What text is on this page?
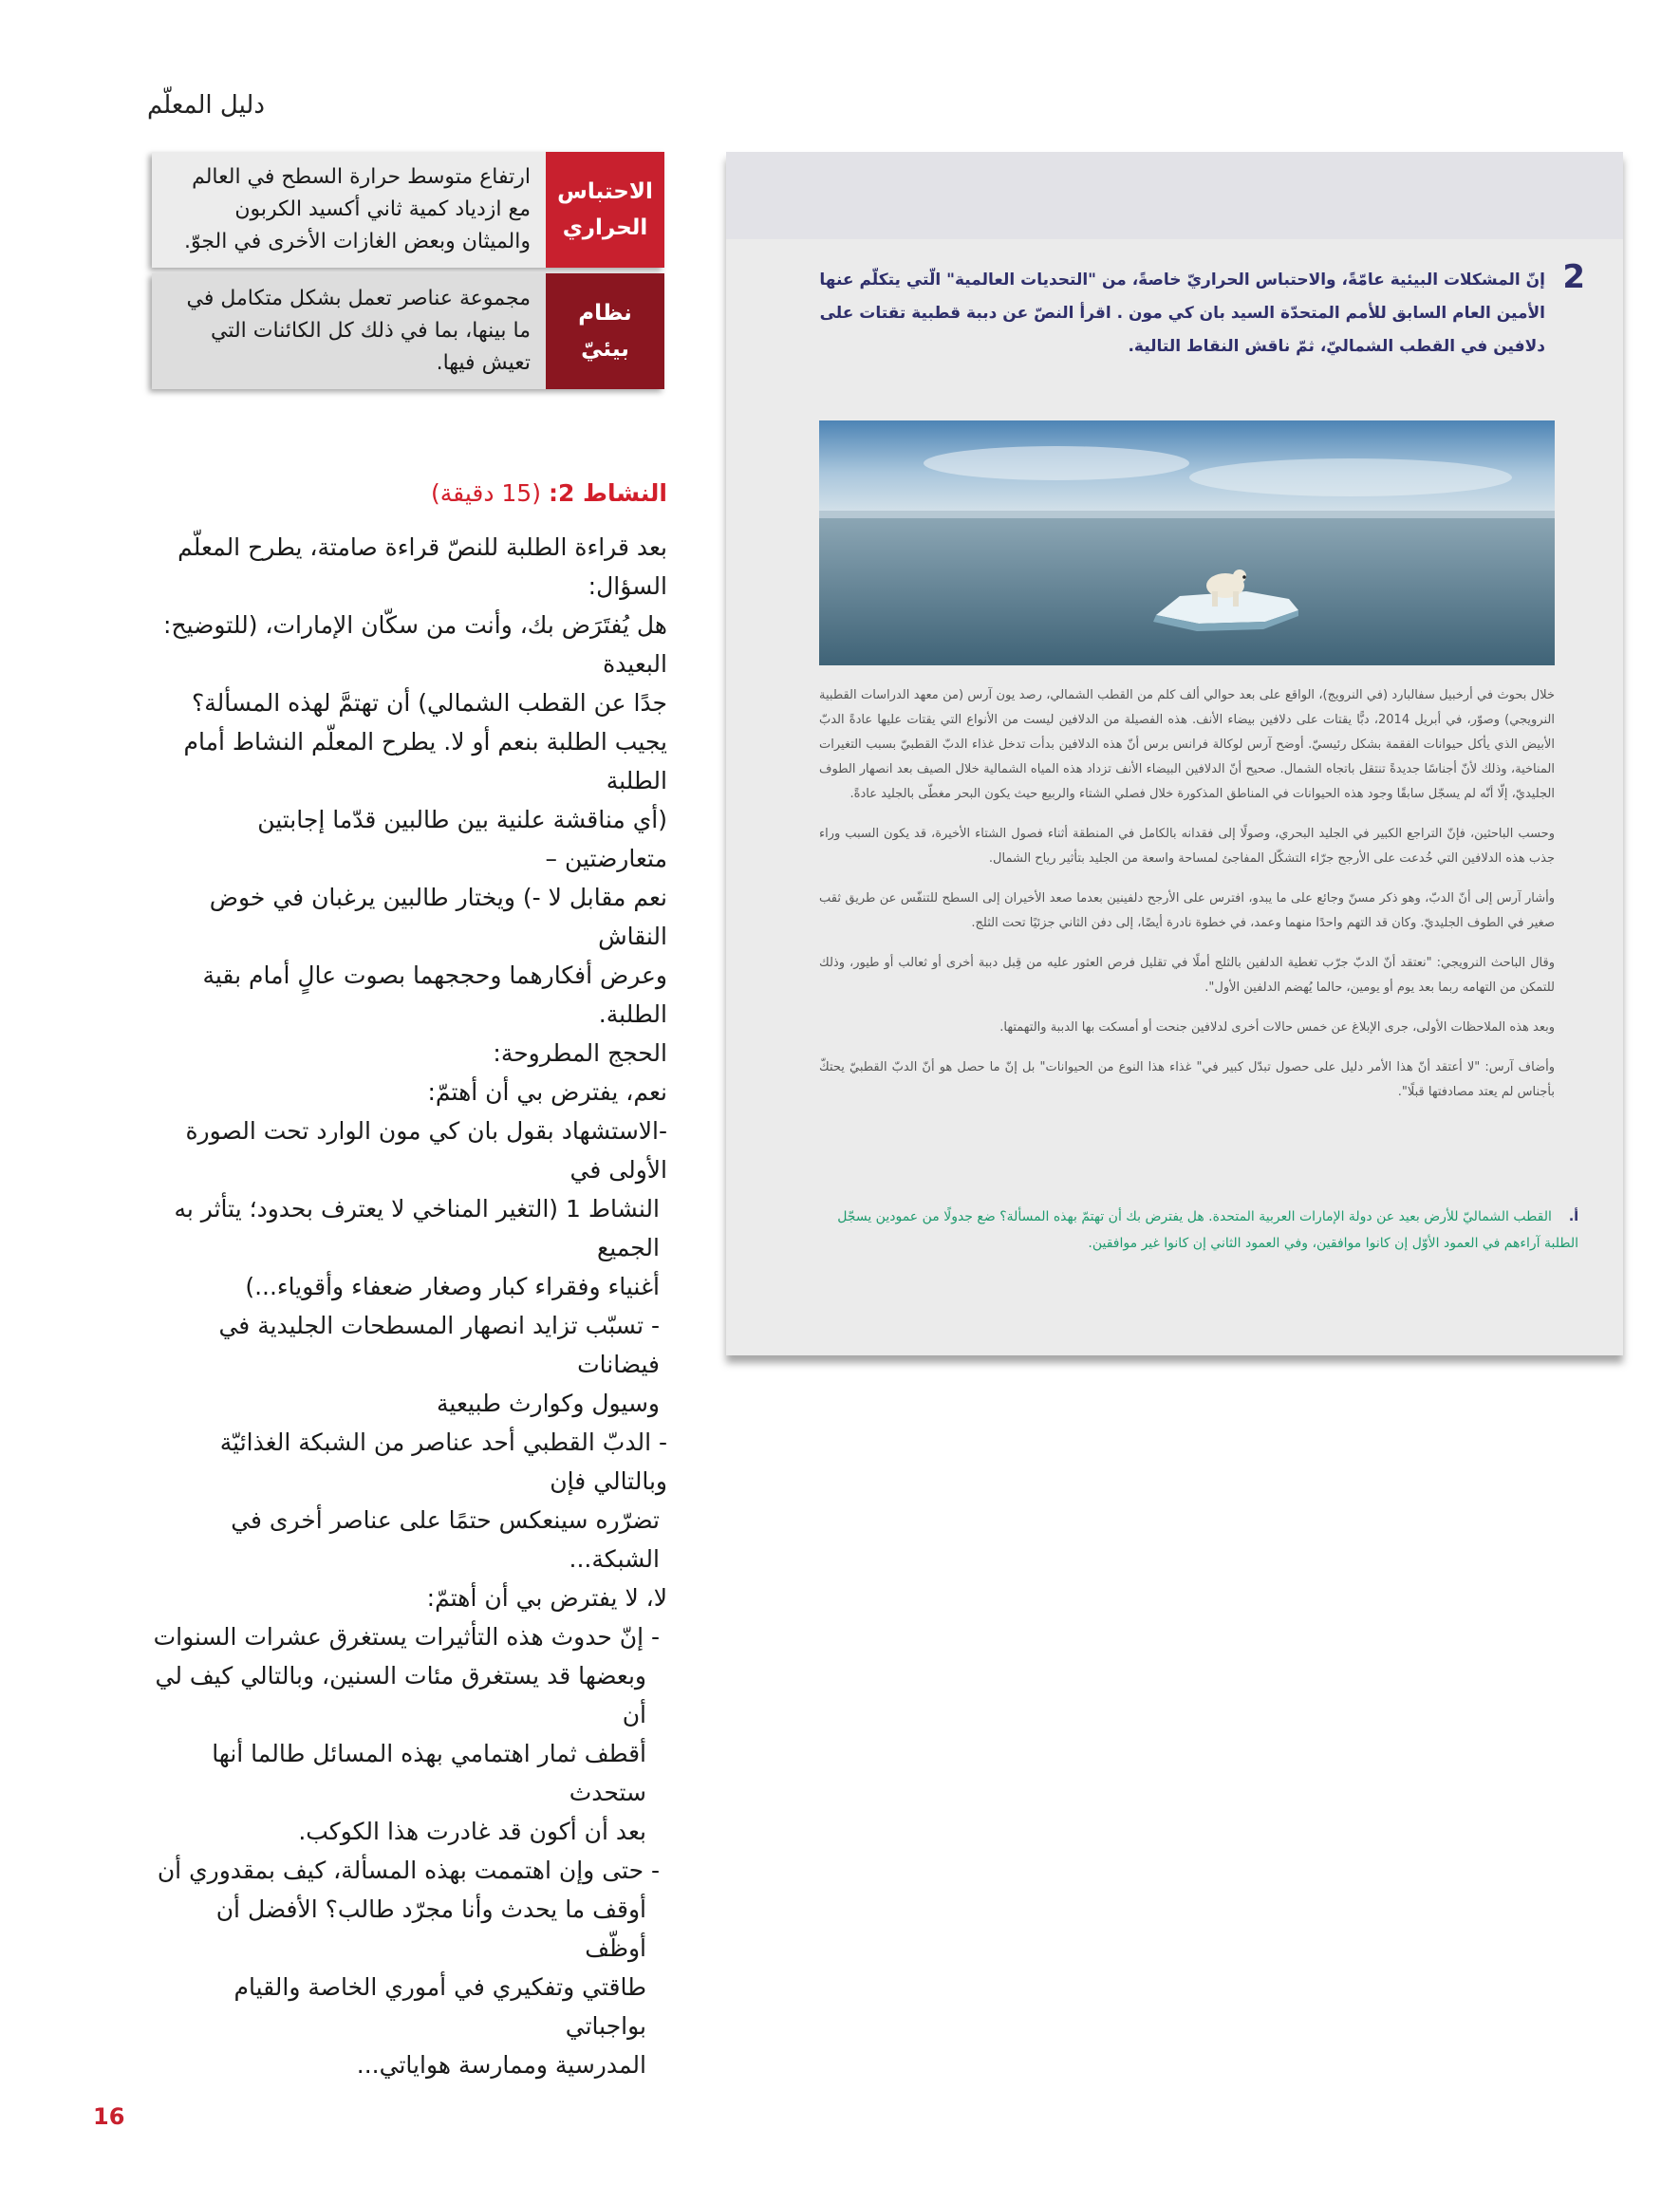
دليل المعلّم
الاحتباس الحراري
ارتفاع متوسط حرارة السطح في العالم مع ازدياد كمية ثاني أكسيد الكربون والميثان وبعض الغازات الأخرى في الجوّ.
نظام بيئيّ
مجموعة عناصر تعمل بشكل متكامل في ما بينها، بما في ذلك كل الكائنات التي تعيش فيها.
النشاط 2: (15 دقيقة)

بعد قراءة الطلبة للنصّ قراءة صامتة، يطرح المعلّم السؤال:

هل يُفتَرَض بك، وأنت من سكّان الإمارات، (للتوضيح: البعيدة

جدًا عن القطب الشمالي) أن تهتمَّ لهذه المسألة؟

يجيب الطلبة بنعم أو لا. يطرح المعلّم النشاط أمام الطلبة

(أي مناقشة علنية بين طالبين قدّما إجابتين متعارضتين –

نعم مقابل لا -) ويختار طالبين يرغبان في خوض النقاش

وعرض أفكارهما وحججهما بصوت عالٍ أمام بقية الطلبة.

الحجج المطروحة:

نعم، يفترض بي أن أهتمّ:

-الاستشهاد بقول بان كي مون الوارد تحت الصورة الأولى في

النشاط 1 (التغير المناخي لا يعترف بحدود؛ يتأثر به الجميع

أغنياء وفقراء كبار وصغار ضعفاء وأقوياء...)

- تسبّب تزايد انصهار المسطحات الجليدية في فيضانات

وسيول وكوارث طبيعية

- الدبّ القطبي أحد عناصر من الشبكة الغذائيّة وبالتالي فإن

تضرّره سينعكس حتمًا على عناصر أخرى في الشبكة...

لا، لا يفترض بي أن أهتمّ:

- إنّ حدوث هذه التأثيرات يستغرق عشرات السنوات

وبعضها قد يستغرق مئات السنين، وبالتالي كيف لي أن

أقطف ثمار اهتمامي بهذه المسائل طالما أنها ستحدث

بعد أن أكون قد غادرت هذا الكوكب.

- حتى وإن اهتممت بهذه المسألة، كيف بمقدوري أن

أوقف ما يحدث وأنا مجرّد طالب؟ الأفضل أن أوظّف

طاقتي وتفكيري في أموري الخاصة والقيام بواجباتي

المدرسية وممارسة هواياتي...

2
إنّ المشكلات البيئية عامّةً، والاحتباس الحراريّ خاصةً، من "التحديات العالمية" الّتي يتكلّم عنها الأمين العام السابق للأمم المتحدّة السيد بان كي مون . اقرأ النصّ عن دببة قطبية تقتات على دلافين في القطب الشماليّ، ثمّ ناقش النقاط التالية.

خلال بحوث في أرخبيل سفالبارد (في النرويج)، الواقع على بعد حوالي ألف كلم من القطب الشمالي، رصد يون آرس (من معهد الدراسات القطبية النرويجي) وصوّر، في أبريل 2014، دبًّا يقتات على دلافين بيضاء الأنف. هذه الفصيلة من الدلافين ليست من الأنواع التي يقتات عليها عادةً الدبّ الأبيض الذي يأكل حيوانات الفقمة بشكل رئيسيّ. أوضح آرس لوكالة فرانس برس أنّ هذه الدلافين بدأت تدخل غذاء الدبّ القطبيّ بسبب التغيرات المناخية، وذلك لأنّ أجناسًا جديدةً تنتقل باتجاه الشمال. صحيح أنّ الدلافين البيضاء الأنف تزداد هذه المياه الشمالية خلال الصيف بعد انصهار الطوف الجليديّ، إلّا أنّه لم يسجّل سابقًا وجود هذه الحيوانات في المناطق المذكورة خلال فصلي الشتاء والربيع حيث يكون البحر مغطّى بالجليد عادةً.

وحسب الباحثين، فإنّ التراجع الكبير في الجليد البحري، وصولًا إلى فقدانه بالكامل في المنطقة أثناء فصول الشتاء الأخيرة، قد يكون السبب وراء جذب هذه الدلافين التي خُدعت على الأرجح جرّاء التشكّل المفاجئ لمساحة واسعة من الجليد بتأثير رياح الشمال.

وأشار آرس إلى أنّ الدبّ، وهو ذكر مسنّ وجائع على ما يبدو، افترس على الأرجح دلفينين بعدما صعد الأخيران إلى السطح للتنفّس عن طريق ثقب صغير في الطوف الجليديّ. وكان قد التهم واحدًا منهما وعمد، في خطوة نادرة أيضًا، إلى دفن الثاني جزئيًا تحت الثلج.

وقال الباحث النرويجي: "نعتقد أنّ الدبّ جرّب تغطية الدلفين بالثلج أملًا في تقليل فرص العثور عليه من قِبل دببة أخرى أو ثعالب أو طيور، وذلك للتمكن من التهامه ربما بعد يوم أو يومين، حالما يُهضم الدلفين الأول".

وبعد هذه الملاحظات الأولى، جرى الإبلاغ عن خمس حالات أخرى لدلافين جنحت أو أمسكت بها الدببة والتهمتها.

وأضاف آرس: "لا أعتقد أنّ هذا الأمر دليل على حصول تبدّل كبير في" غذاء هذا النوع من الحيوانات" بل إنّ ما حصل هو أنّ الدبّ القطبيّ يحتكّ بأجناس لم يعتد مصادفتها قبلًا".

أ.القطب الشماليّ للأرض بعيد عن دولة الإمارات العربية المتحدة. هل يفترض بك أن تهتمّ بهذه المسألة؟ ضع جدولًا من عمودين يسجّل الطلبة آراءهم في العمود الأوّل إن كانوا موافقين، وفي العمود الثاني إن كانوا غير موافقين.
16
